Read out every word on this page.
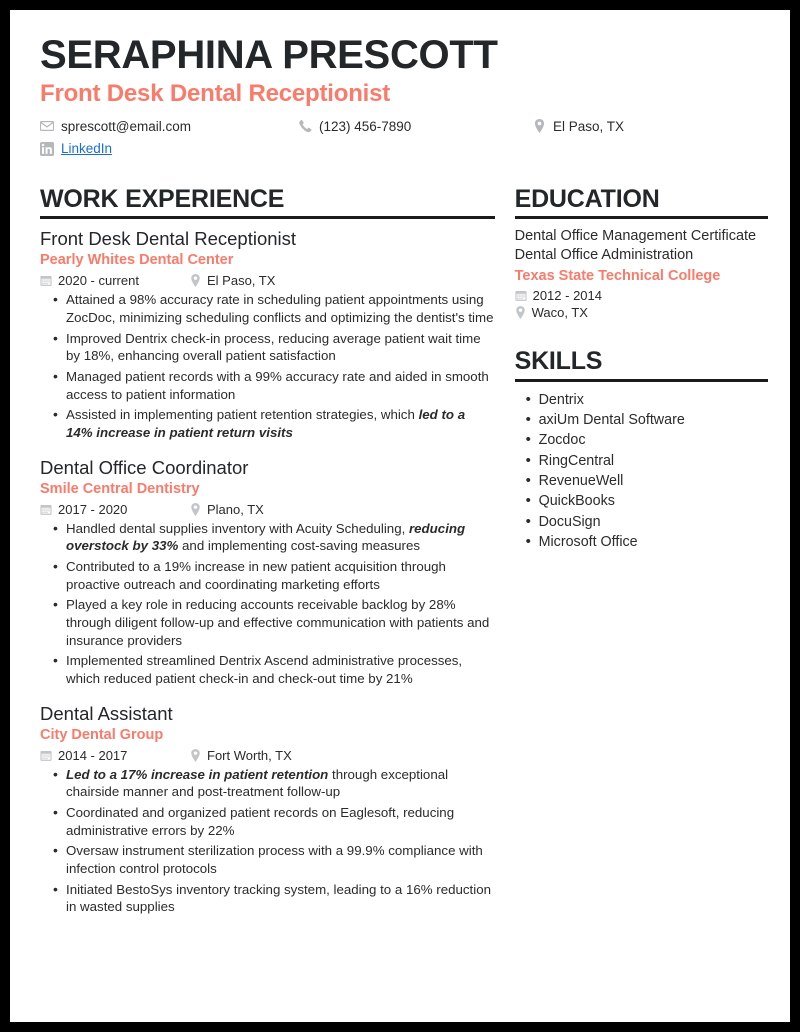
SERAPHINA PRESCOTT
Front Desk Dental Receptionist
sprescott@email.com	(123) 456-7890	El Paso, TX
LinkedIn
WORK EXPERIENCE
Front Desk Dental Receptionist
Pearly Whites Dental Center
2020 - current	El Paso, TX
• Attained a 98% accuracy rate in scheduling patient appointments using ZocDoc, minimizing scheduling conflicts and optimizing the dentist's time
• Improved Dentrix check-in process, reducing average patient wait time by 18%, enhancing overall patient satisfaction
• Managed patient records with a 99% accuracy rate and aided in smooth access to patient information
• Assisted in implementing patient retention strategies, which led to a 14% increase in patient return visits
Dental Office Coordinator
Smile Central Dentistry
2017 - 2020	Plano, TX
• Handled dental supplies inventory with Acuity Scheduling, reducing overstock by 33% and implementing cost-saving measures
• Contributed to a 19% increase in new patient acquisition through proactive outreach and coordinating marketing efforts
• Played a key role in reducing accounts receivable backlog by 28% through diligent follow-up and effective communication with patients and insurance providers
• Implemented streamlined Dentrix Ascend administrative processes, which reduced patient check-in and check-out time by 21%
Dental Assistant
City Dental Group
2014 - 2017	Fort Worth, TX
• Led to a 17% increase in patient retention through exceptional chairside manner and post-treatment follow-up
• Coordinated and organized patient records on Eaglesoft, reducing administrative errors by 22%
• Oversaw instrument sterilization process with a 99.9% compliance with infection control protocols
• Initiated BestoSys inventory tracking system, leading to a 16% reduction in wasted supplies
EDUCATION
Dental Office Management Certificate
Dental Office Administration
Texas State Technical College
2012 - 2014
Waco, TX
SKILLS
• Dentrix
• axiUm Dental Software
• Zocdoc
• RingCentral
• RevenueWell
• QuickBooks
• DocuSign
• Microsoft Office
